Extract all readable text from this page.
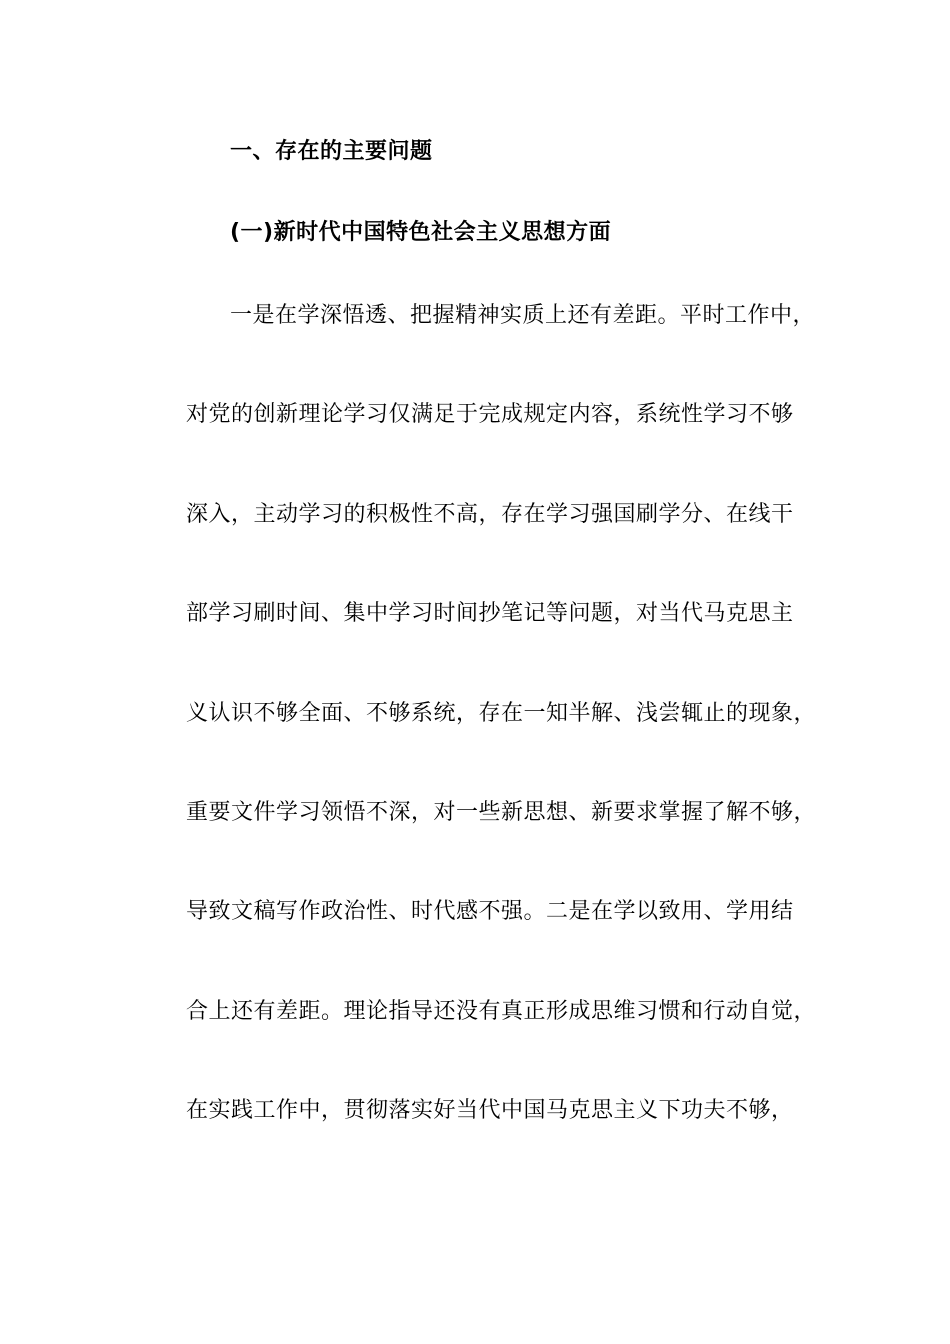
一、存在的主要问题
(一)新时代中国特色社会主义思想方面
一是在学深悟透、把握精神实质上还有差距。平时工作中，
对党的创新理论学习仅满足于完成规定内容，系统性学习不够
深入，主动学习的积极性不高，存在学习强国刷学分、在线干
部学习刷时间、集中学习时间抄笔记等问题，对当代马克思主
义认识不够全面、不够系统，存在一知半解、浅尝辄止的现象，
重要文件学习领悟不深，对一些新思想、新要求掌握了解不够，
导致文稿写作政治性、时代感不强。二是在学以致用、学用结
合上还有差距。理论指导还没有真正形成思维习惯和行动自觉，
在实践工作中，贯彻落实好当代中国马克思主义下功夫不够，
